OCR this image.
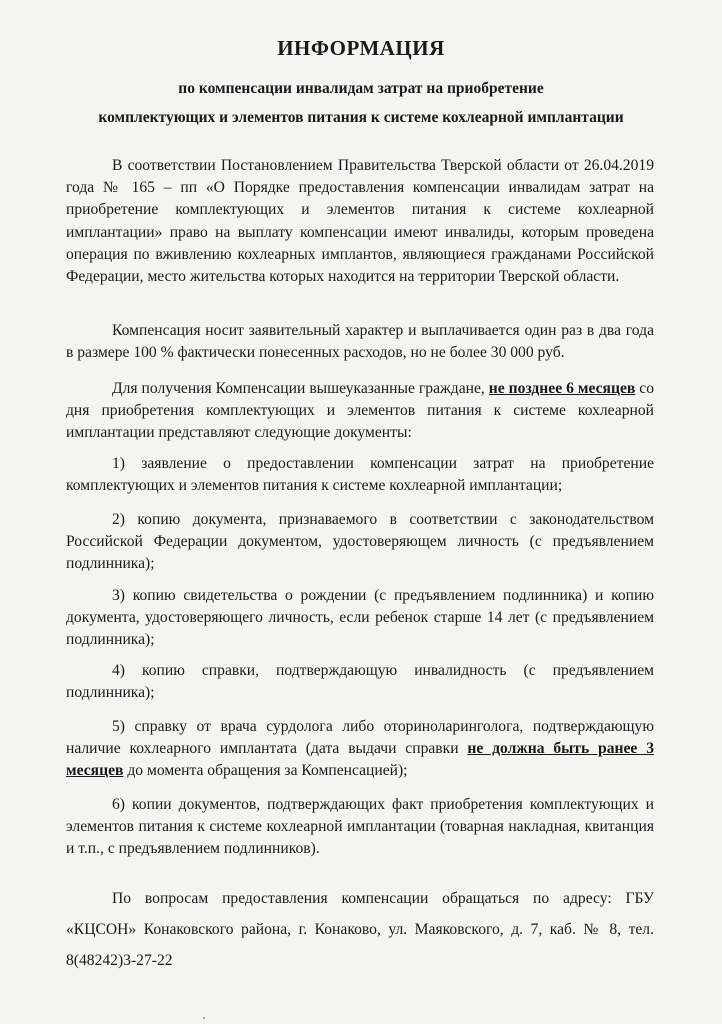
ИНФОРМАЦИЯ
по компенсации инвалидам затрат на приобретение
комплектующих и элементов питания к системе кохлеарной имплантации
В соответствии Постановлением Правительства Тверской области от 26.04.2019 года № 165 – пп «О Порядке предоставления компенсации инвалидам затрат на приобретение комплектующих и элементов питания к системе кохлеарной имплантации» право на выплату компенсации имеют инвалиды, которым проведена операция по вживлению кохлеарных имплантов, являющиеся гражданами Российской Федерации, место жительства которых находится на территории Тверской области.
Компенсация носит заявительный характер и выплачивается один раз в два года в размере 100 % фактически понесенных расходов, но не более 30 000 руб.
Для получения Компенсации вышеуказанные граждане, не позднее 6 месяцев со дня приобретения комплектующих и элементов питания к системе кохлеарной имплантации представляют следующие документы:
1) заявление о предоставлении компенсации затрат на приобретение комплектующих и элементов питания к системе кохлеарной имплантации;
2) копию документа, признаваемого в соответствии с законодательством Российской Федерации документом, удостоверяющем личность (с предъявлением подлинника);
3) копию свидетельства о рождении (с предъявлением подлинника) и копию документа, удостоверяющего личность, если ребенок старше 14 лет (с предъявлением подлинника);
4) копию справки, подтверждающую инвалидность (с предъявлением подлинника);
5) справку от врача сурдолога либо оториноларинголога, подтверждающую наличие кохлеарного имплантата (дата выдачи справки не должна быть ранее 3 месяцев до момента обращения за Компенсацией);
6) копии документов, подтверждающих факт приобретения комплектующих и элементов питания к системе кохлеарной имплантации (товарная накладная, квитанция и т.п., с предъявлением подлинников).
По вопросам предоставления компенсации обращаться по адресу: ГБУ «КЦСОН» Конаковского района, г. Конаково, ул. Маяковского, д. 7, каб. № 8, тел. 8(48242)3-27-22
